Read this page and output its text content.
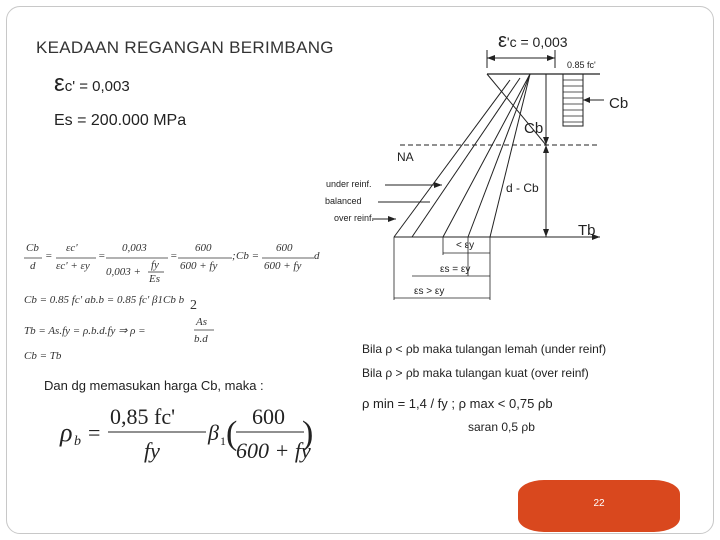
KEADAAN REGANGAN BERIMBANG	ε'c = 0,003
εc' = 0,003
Es = 200.000 MPa
( )
0.85 fc'
Cb
Cb
NA
under reinf.
balanced
over reinf.
d - Cb
Tb
< εy
εs = εy
εs > εy
Cb
d
=
εc'
εc' + εy
=
0,003
0,003 +
fy
Es
=
600
600 + fy
; Cb =
600
600 + fy
d
Cb = 0.85 fc' ab.b = 0.85 fc' β1Cb b 2
Tb = As.fy = ρ.b.d.fy ⇒ ρ =
As
b.d
Cb = Tb
Dan dg memasukan harga Cb, maka :
ρ b =
0,85 fc'
fy
β 1
600
600 + fy
Bila ρ < ρb maka tulangan lemah (under reinf)
Bila ρ > ρb maka tulangan kuat (over reinf)
ρ min = 1,4 / fy ; ρ max < 0,75 ρb
saran 0,5 ρb
22
